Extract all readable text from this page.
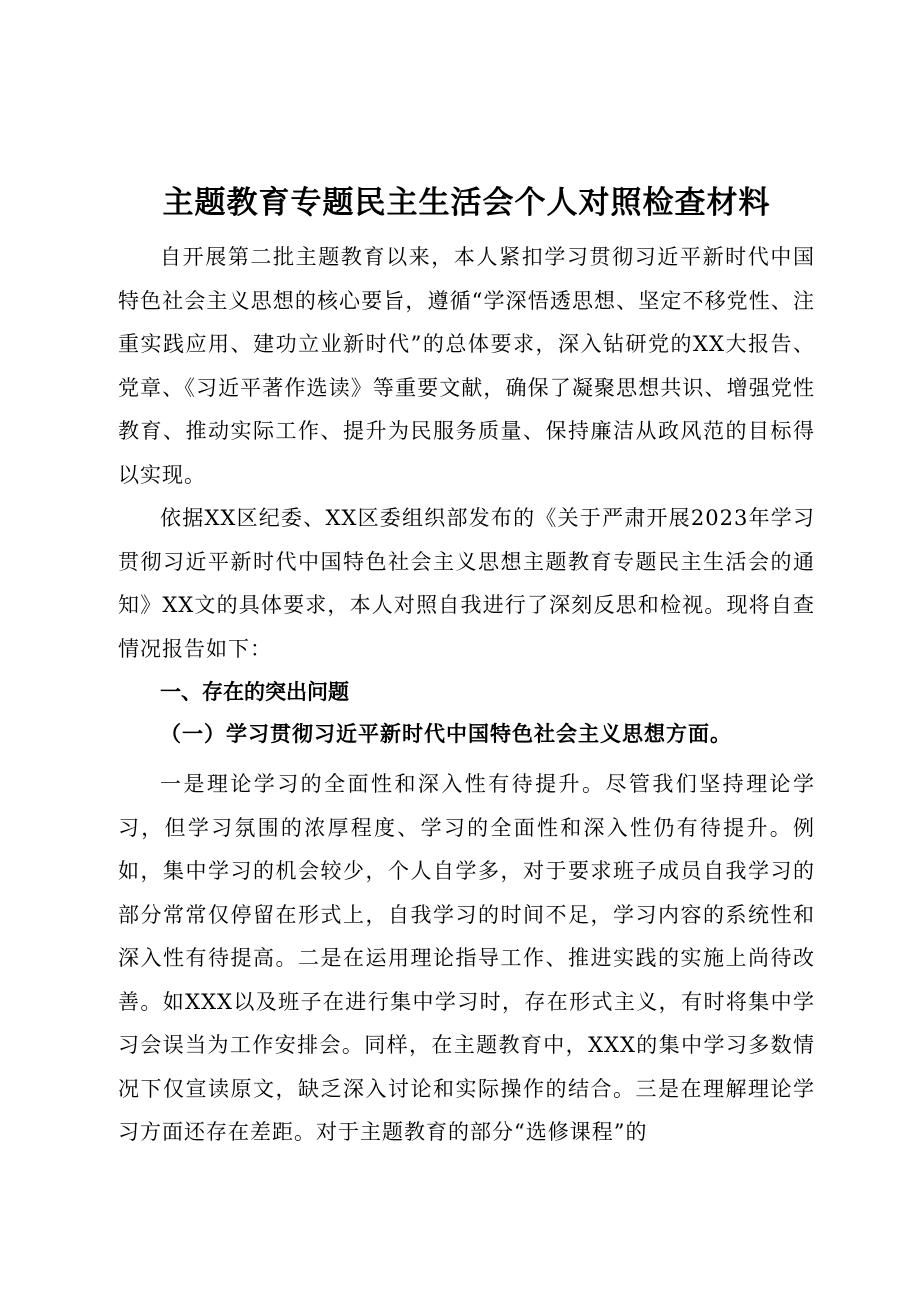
主题教育专题民主生活会个人对照检查材料

自开展第二批主题教育以来，本人紧扣学习贯彻习近平新时代中国特色社会主义思想的核心要旨，遵循“学深悟透思想、坚定不移党性、注重实践应用、建功立业新时代”的总体要求，深入钻研党的XX大报告、党章、《习近平著作选读》等重要文献，确保了凝聚思想共识、增强党性教育、推动实际工作、提升为民服务质量、保持廉洁从政风范的目标得以实现。

依据XX区纪委、XX区委组织部发布的《关于严肃开展2023年学习贯彻习近平新时代中国特色社会主义思想主题教育专题民主生活会的通知》XX文的具体要求，本人对照自我进行了深刻反思和检视。现将自查情况报告如下：

一、存在的突出问题
（一）学习贯彻习近平新时代中国特色社会主义思想方面。

一是理论学习的全面性和深入性有待提升。尽管我们坚持理论学习，但学习氛围的浓厚程度、学习的全面性和深入性仍有待提升。例如，集中学习的机会较少，个人自学多，对于要求班子成员自我学习的部分常常仅停留在形式上，自我学习的时间不足，学习内容的系统性和深入性有待提高。二是在运用理论指导工作、推进实践的实施上尚待改善。如XXX以及班子在进行集中学习时，存在形式主义，有时将集中学习会误当为工作安排会。同样，在主题教育中，XXX的集中学习多数情况下仅宣读原文，缺乏深入讨论和实际操作的结合。三是在理解理论学习方面还存在差距。对于主题教育的部分“选修课程”的
